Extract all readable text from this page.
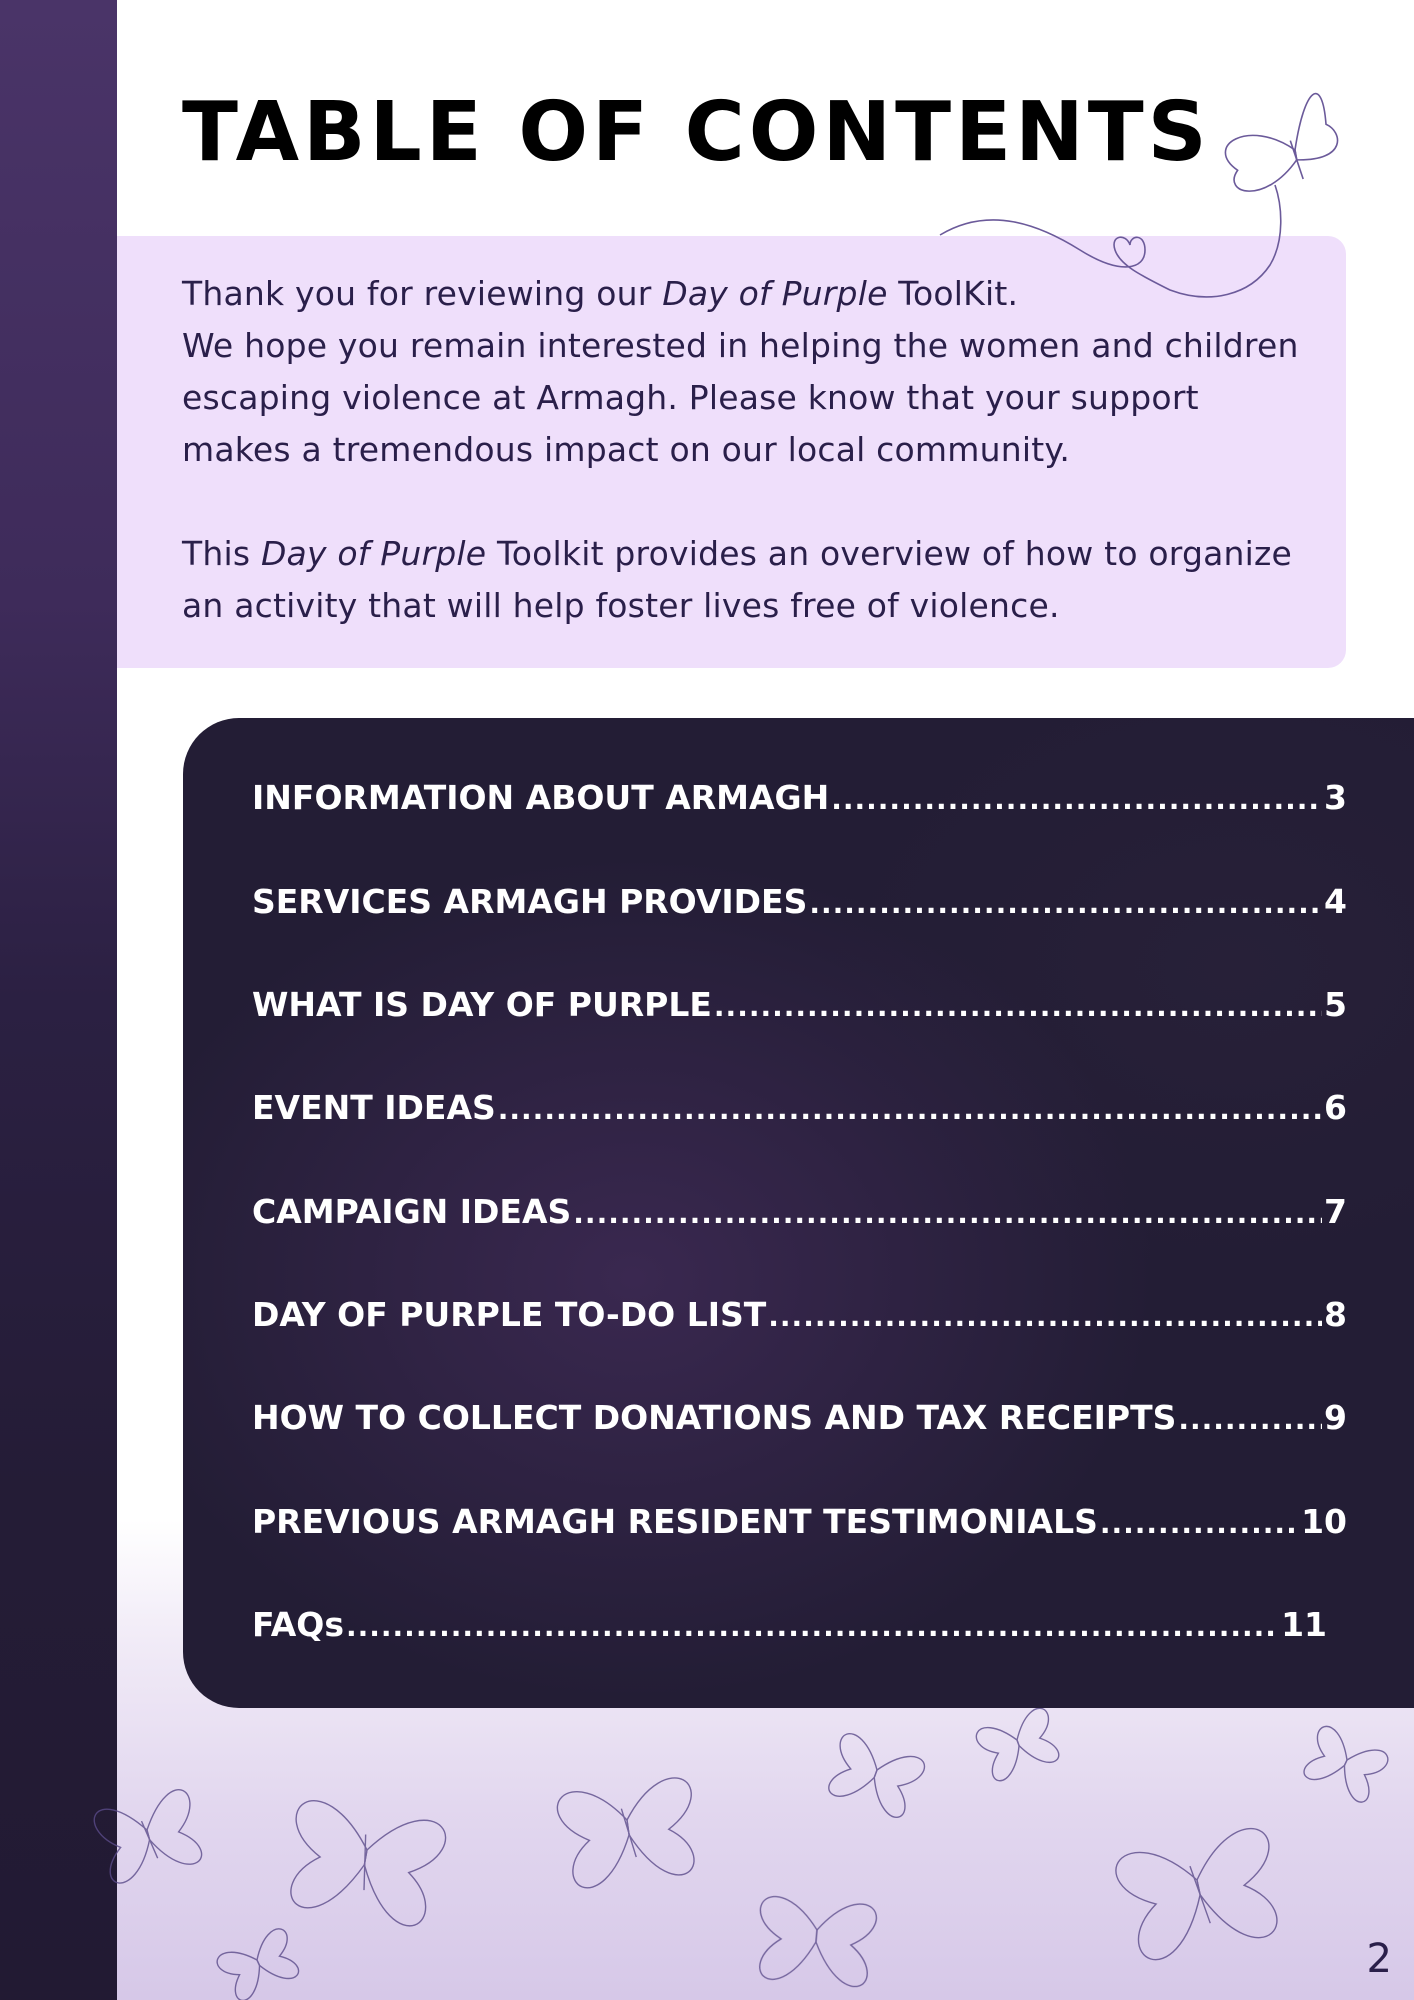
TABLE OF CONTENTS

Thank you for reviewing our Day of Purple ToolKit.
We hope you remain interested in helping the women and children escaping violence at Armagh. Please know that your support makes a tremendous impact on our local community.

This Day of Purple Toolkit provides an overview of how to organize an activity that will help foster lives free of violence.

INFORMATION ABOUT ARMAGH .....	3
SERVICES ARMAGH PROVIDES .....	4
WHAT IS DAY OF PURPLE .....	5
EVENT IDEAS .....	6
CAMPAIGN IDEAS .....	7
DAY OF PURPLE TO-DO LIST .....	8
HOW TO COLLECT DONATIONS AND TAX RECEIPTS .....	9
PREVIOUS ARMAGH RESIDENT TESTIMONIALS .....	10
FAQs .....	11
2
